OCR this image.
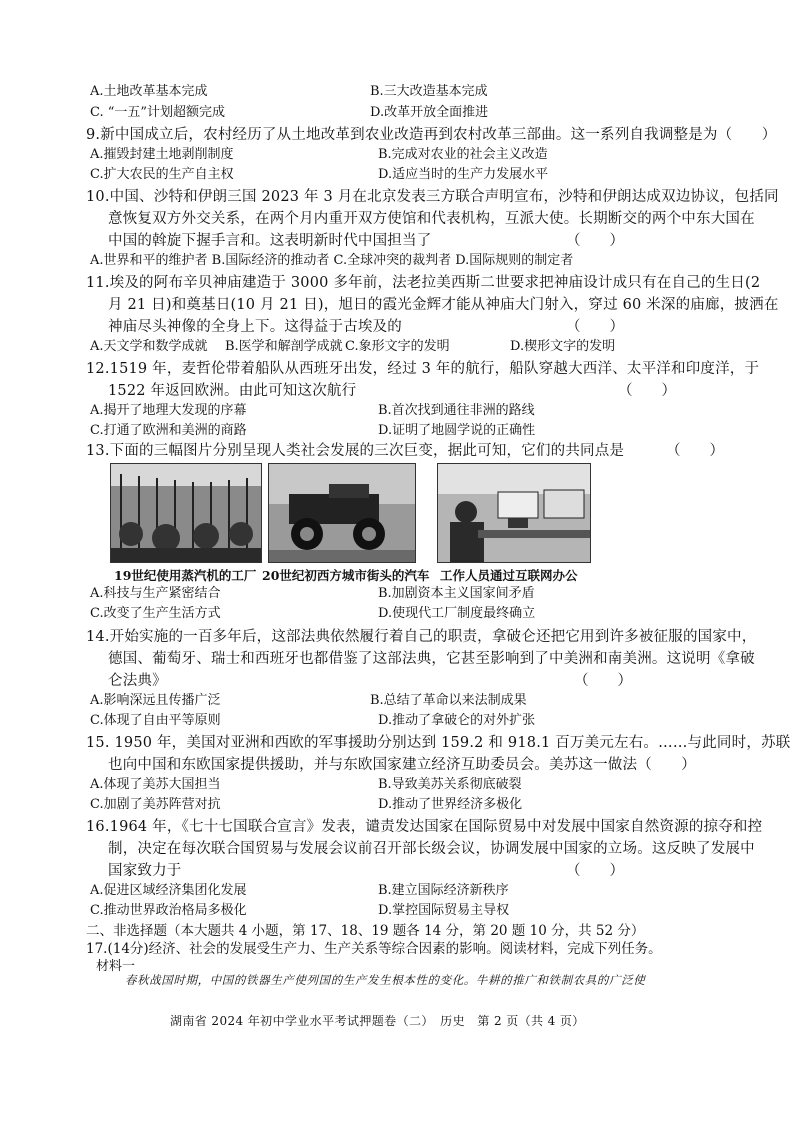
A.土地改革基本完成	B.三大改造基本完成
C. “一五”计划超额完成	D.改革开放全面推进
9.新中国成立后，农村经历了从土地改革到农业改造再到农村改革三部曲。这一系列自我调整是为（　　）
A.摧毁封建土地剥削制度	B.完成对农业的社会主义改造
C.扩大农民的生产自主权	D.适应当时的生产力发展水平
10.中国、沙特和伊朗三国 2023 年 3 月在北京发表三方联合声明宣布，沙特和伊朗达成双边协议，包括同
意恢复双方外交关系，在两个月内重开双方使馆和代表机构，互派大使。长期断交的两个中东大国在
中国的斡旋下握手言和。这表明新时代中国担当了	（　　）
A.世界和平的维护者 B.国际经济的推动者 C.全球冲突的裁判者 D.国际规则的制定者
11.埃及的阿布辛贝神庙建造于 3000 多年前，法老拉美西斯二世要求把神庙设计成只有在自己的生日(2
月 21 日)和奠基日(10 月 21 日)，旭日的霞光金辉才能从神庙大门射入，穿过 60 米深的庙廊，披洒在
神庙尽头神像的全身上下。这得益于古埃及的	（　　）
A.天文学和数学成就 B.医学和解剖学成就 C.象形文字的发明	D.楔形文字的发明
12.1519 年，麦哲伦带着船队从西班牙出发，经过 3 年的航行，船队穿越大西洋、太平洋和印度洋，于
1522 年返回欧洲。由此可知这次航行	（　　）
A.揭开了地理大发现的序幕	B.首次找到通往非洲的路线
C.打通了欧洲和美洲的商路	D.证明了地圆学说的正确性
13.下面的三幅图片分别呈现人类社会发展的三次巨变，据此可知，它们的共同点是	（　　）
19世纪使用蒸汽机的工厂 20世纪初西方城市街头的汽车 工作人员通过互联网办公
A.科技与生产紧密结合	B.加剧资本主义国家间矛盾
C.改变了生产生活方式	D.使现代工厂制度最终确立
14.开始实施的一百多年后，这部法典依然履行着自己的职责，拿破仑还把它用到许多被征服的国家中，
德国、葡萄牙、瑞士和西班牙也都借鉴了这部法典，它甚至影响到了中美洲和南美洲。这说明《拿破
仑法典》	（　　）
A.影响深远且传播广泛	B.总结了革命以来法制成果
C.体现了自由平等原则	D.推动了拿破仑的对外扩张
15. 1950 年，美国对亚洲和西欧的军事援助分别达到 159.2 和 918.1 百万美元左右。……与此同时，苏联
也向中国和东欧国家提供援助，并与东欧国家建立经济互助委员会。美苏这一做法（　　）
A.体现了美苏大国担当	B.导致美苏关系彻底破裂
C.加剧了美苏阵营对抗	D.推动了世界经济多极化
16.1964 年，《七十七国联合宣言》发表，谴责发达国家在国际贸易中对发展中国家自然资源的掠夺和控
制，决定在每次联合国贸易与发展会议前召开部长级会议，协调发展中国家的立场。这反映了发展中
国家致力于	（　　）
A.促进区域经济集团化发展	B.建立国际经济新秩序
C.推动世界政治格局多极化	D.掌控国际贸易主导权
二、非选择题（本大题共 4 小题，第 17、18、19 题各 14 分，第 20 题 10 分，共 52 分）
17.(14分)经济、社会的发展受生产力、生产关系等综合因素的影响。阅读材料，完成下列任务。
材料一
春秋战国时期，中国的铁器生产使列国的生产发生根本性的变化。牛耕的推广和铁制农具的广泛使
湖南省 2024 年初中学业水平考试押题卷（二）　历史　第 2 页（共 4 页）
